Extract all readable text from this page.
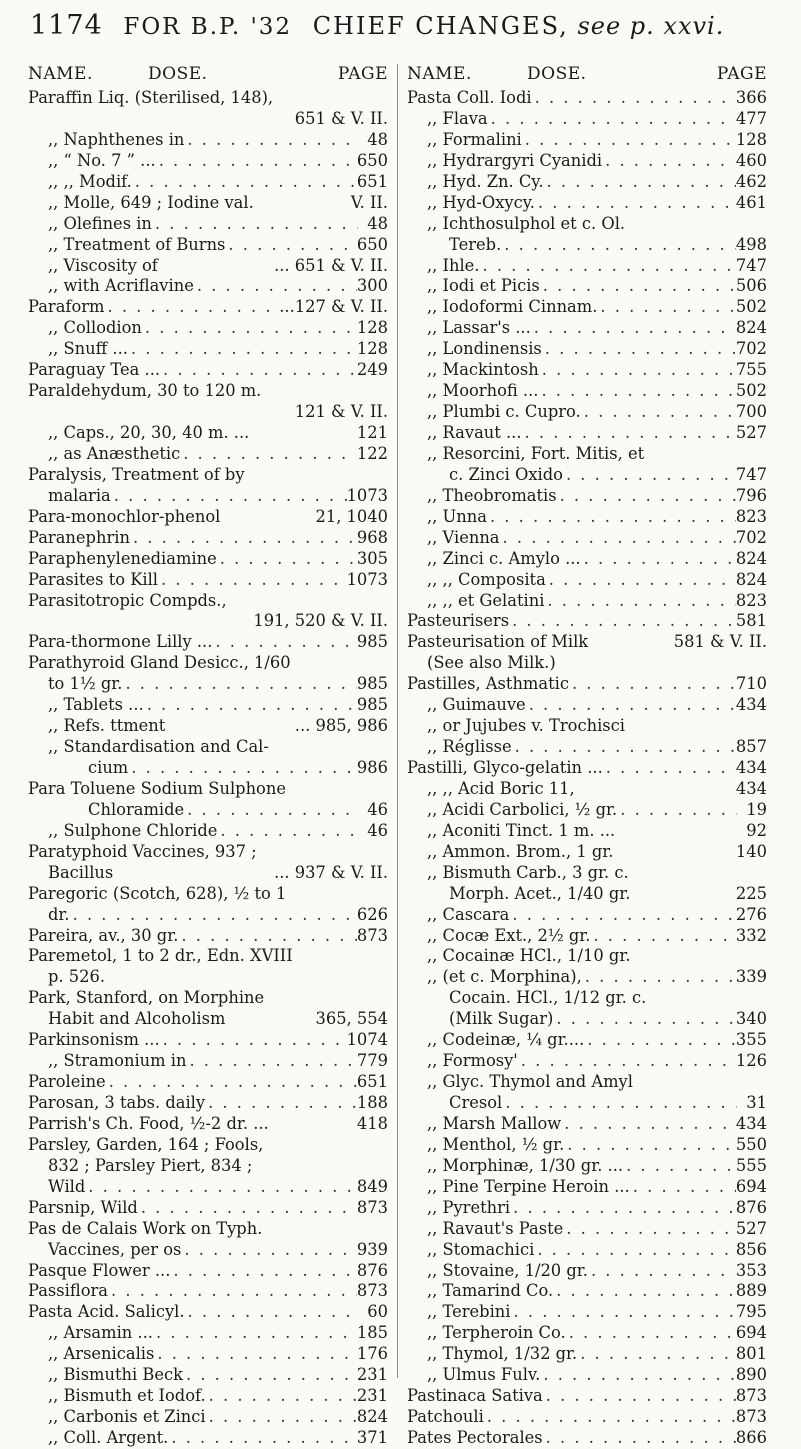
1174 FOR B.P. '32 CHIEF CHANGES, see p. xxvi.
NAME.	DOSE.	PAGE
Paraffin Liq. (Sterilised, 148),
651 & V. II.
,, Naphthenes in . . .	48
,, “ No. 7 ” ... . . .	650
,, ,, Modif. . . .	651
,, Molle, 649 ; Iodine val.	V. II.
,, Olefines in . . .	48
,, Treatment of Burns . . .	650
,, Viscosity of	... 651 & V. II.
,, with Acriflavine . . .	300
Paraform . . .	...127 & V. II.
,, Collodion . . .	128
,, Snuff ... . . .	128
Paraguay Tea ... . . .	249
Paraldehydum, 30 to 120 m.
121 & V. II.
,, Caps., 20, 30, 40 m. ...	121
,, as Anæsthetic . . .	122
Paralysis, Treatment of by
malaria . . .	1073
Para-monochlor-phenol	21, 1040
Paranephrin . . .	968
Paraphenylenediamine . . .	305
Parasites to Kill . . .	1073
Parasitotropic Compds.,
191, 520 & V. II.
Para-thormone Lilly ... . . .	985
Parathyroid Gland Desicc., 1/60
to 1½ gr. . . .	985
,, Tablets ... . . .	985
,, Refs. ttment	... 985, 986
,, Standardisation and Cal-
cium . . .	986
Para Toluene Sodium Sulphone
Chloramide . . .	46
,, Sulphone Chloride . . .	46
Paratyphoid Vaccines, 937 ;
Bacillus	... 937 & V. II.
Paregoric (Scotch, 628), ½ to 1
dr. . . .	626
Pareira, av., 30 gr. . . .	873
Paremetol, 1 to 2 dr., Edn. XVIII
p. 526.
Park, Stanford, on Morphine
Habit and Alcoholism	365, 554
Parkinsonism ... . . .	1074
,, Stramonium in . . .	779
Paroleine . . .	651
Parosan, 3 tabs. daily . . .	188
Parrish's Ch. Food, ½-2 dr. ...	418
Parsley, Garden, 164 ; Fools,
832 ; Parsley Piert, 834 ;
Wild . . .	849
Parsnip, Wild . . .	873
Pas de Calais Work on Typh.
Vaccines, per os . . .	939
Pasque Flower ... . . .	876
Passiflora . . .	873
Pasta Acid. Salicyl. . . .	60
,, Arsamin ... . . .	185
,, Arsenicalis . . .	176
,, Bismuthi Beck . . .	231
,, Bismuth et Iodof. . . .	231
,, Carbonis et Zinci . . .	824
,, Coll. Argent. . . .	371
NAME.	DOSE.	PAGE
Pasta Coll. Iodi . . .	366
,, Flava . . .	477
,, Formalini . . .	128
,, Hydrargyri Cyanidi . . .	460
,, Hyd. Zn. Cy. . . .	462
,, Hyd-Oxycy. . . .	461
,, Ichthosulphol et c. Ol.
Tereb. . . .	498
,, Ihle. . . .	747
,, Iodi et Picis . . .	506
,, Iodoformi Cinnam. . . .	502
,, Lassar's ... . . .	824
,, Londinensis . . .	702
,, Mackintosh . . .	755
,, Moorhofi ... . . .	502
,, Plumbi c. Cupro. . . .	700
,, Ravaut ... . . .	527
,, Resorcini, Fort. Mitis, et
c. Zinci Oxido . . .	747
,, Theobromatis . . .	796
,, Unna . . .	823
,, Vienna . . .	702
,, Zinci c. Amylo ... . . .	824
,, ,, Composita . . .	824
,, ,, et Gelatini . . .	823
Pasteurisers . . .	581
Pasteurisation of Milk	581 & V. II.
(See also Milk.)
Pastilles, Asthmatic . . .	710
,, Guimauve . . .	434
,, or Jujubes v. Trochisci
,, Réglisse . . .	857
Pastilli, Glyco-gelatin ... . . .	434
,, ,, Acid Boric 11,	434
,, Acidi Carbolici, ½ gr. . . .	19
,, Aconiti Tinct. 1 m. ...	92
,, Ammon. Brom., 1 gr.	140
,, Bismuth Carb., 3 gr. c.
Morph. Acet., 1/40 gr.	225
,, Cascara . . .	276
,, Cocæ Ext., 2½ gr. . . .	332
,, Cocainæ HCl., 1/10 gr.
,, (et c. Morphina), . . .	339
Cocain. HCl., 1/12 gr. c.
(Milk Sugar) . . .	340
,, Codeinæ, ¼ gr.... . . .	355
,, Formosy' . . .	126
,, Glyc. Thymol and Amyl
Cresol . . .	31
,, Marsh Mallow . . .	434
,, Menthol, ½ gr. . . .	550
,, Morphinæ, 1/30 gr. ... . . .	555
,, Pine Terpine Heroin ... . . .	694
,, Pyrethri . . .	876
,, Ravaut's Paste . . .	527
,, Stomachici . . .	856
,, Stovaine, 1/20 gr. . . .	353
,, Tamarind Co. . . .	889
,, Terebini . . .	795
,, Terpheroin Co. . . .	694
,, Thymol, 1/32 gr. . . .	801
,, Ulmus Fulv. . . .	890
Pastinaca Sativa . . .	873
Patchouli . . .	873
Pates Pectorales . . .	866
